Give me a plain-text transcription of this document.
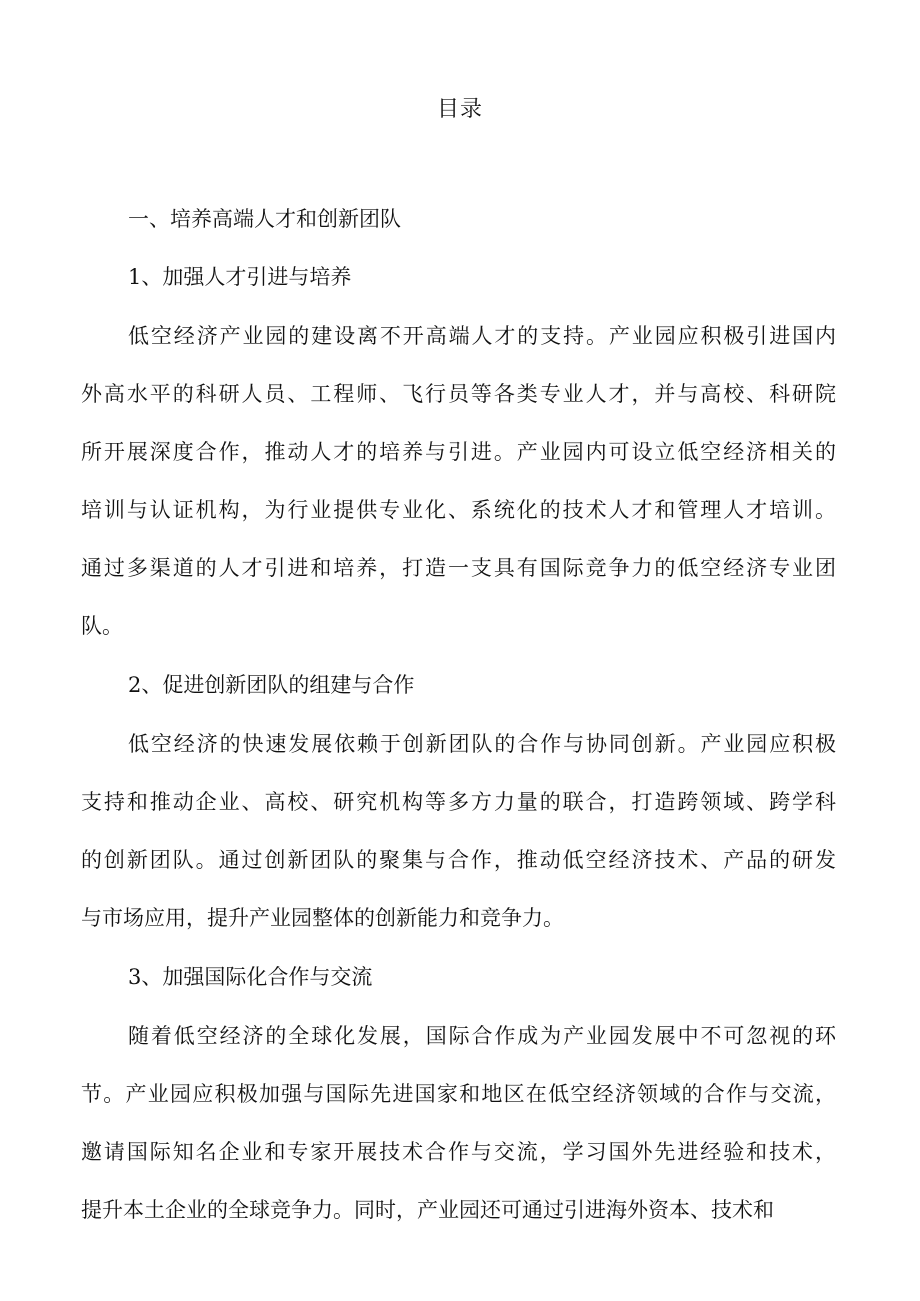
目录
一、培养高端人才和创新团队
1、加强人才引进与培养
低空经济产业园的建设离不开高端人才的支持。产业园应积极引进国内
外高水平的科研人员、工程师、飞行员等各类专业人才，并与高校、科研院
所开展深度合作，推动人才的培养与引进。产业园内可设立低空经济相关的
培训与认证机构，为行业提供专业化、系统化的技术人才和管理人才培训。
通过多渠道的人才引进和培养，打造一支具有国际竞争力的低空经济专业团
队。
2、促进创新团队的组建与合作
低空经济的快速发展依赖于创新团队的合作与协同创新。产业园应积极
支持和推动企业、高校、研究机构等多方力量的联合，打造跨领域、跨学科
的创新团队。通过创新团队的聚集与合作，推动低空经济技术、产品的研发
与市场应用，提升产业园整体的创新能力和竞争力。
3、加强国际化合作与交流
随着低空经济的全球化发展，国际合作成为产业园发展中不可忽视的环
节。产业园应积极加强与国际先进国家和地区在低空经济领域的合作与交流，
邀请国际知名企业和专家开展技术合作与交流，学习国外先进经验和技术，
提升本土企业的全球竞争力。同时，产业园还可通过引进海外资本、技术和
